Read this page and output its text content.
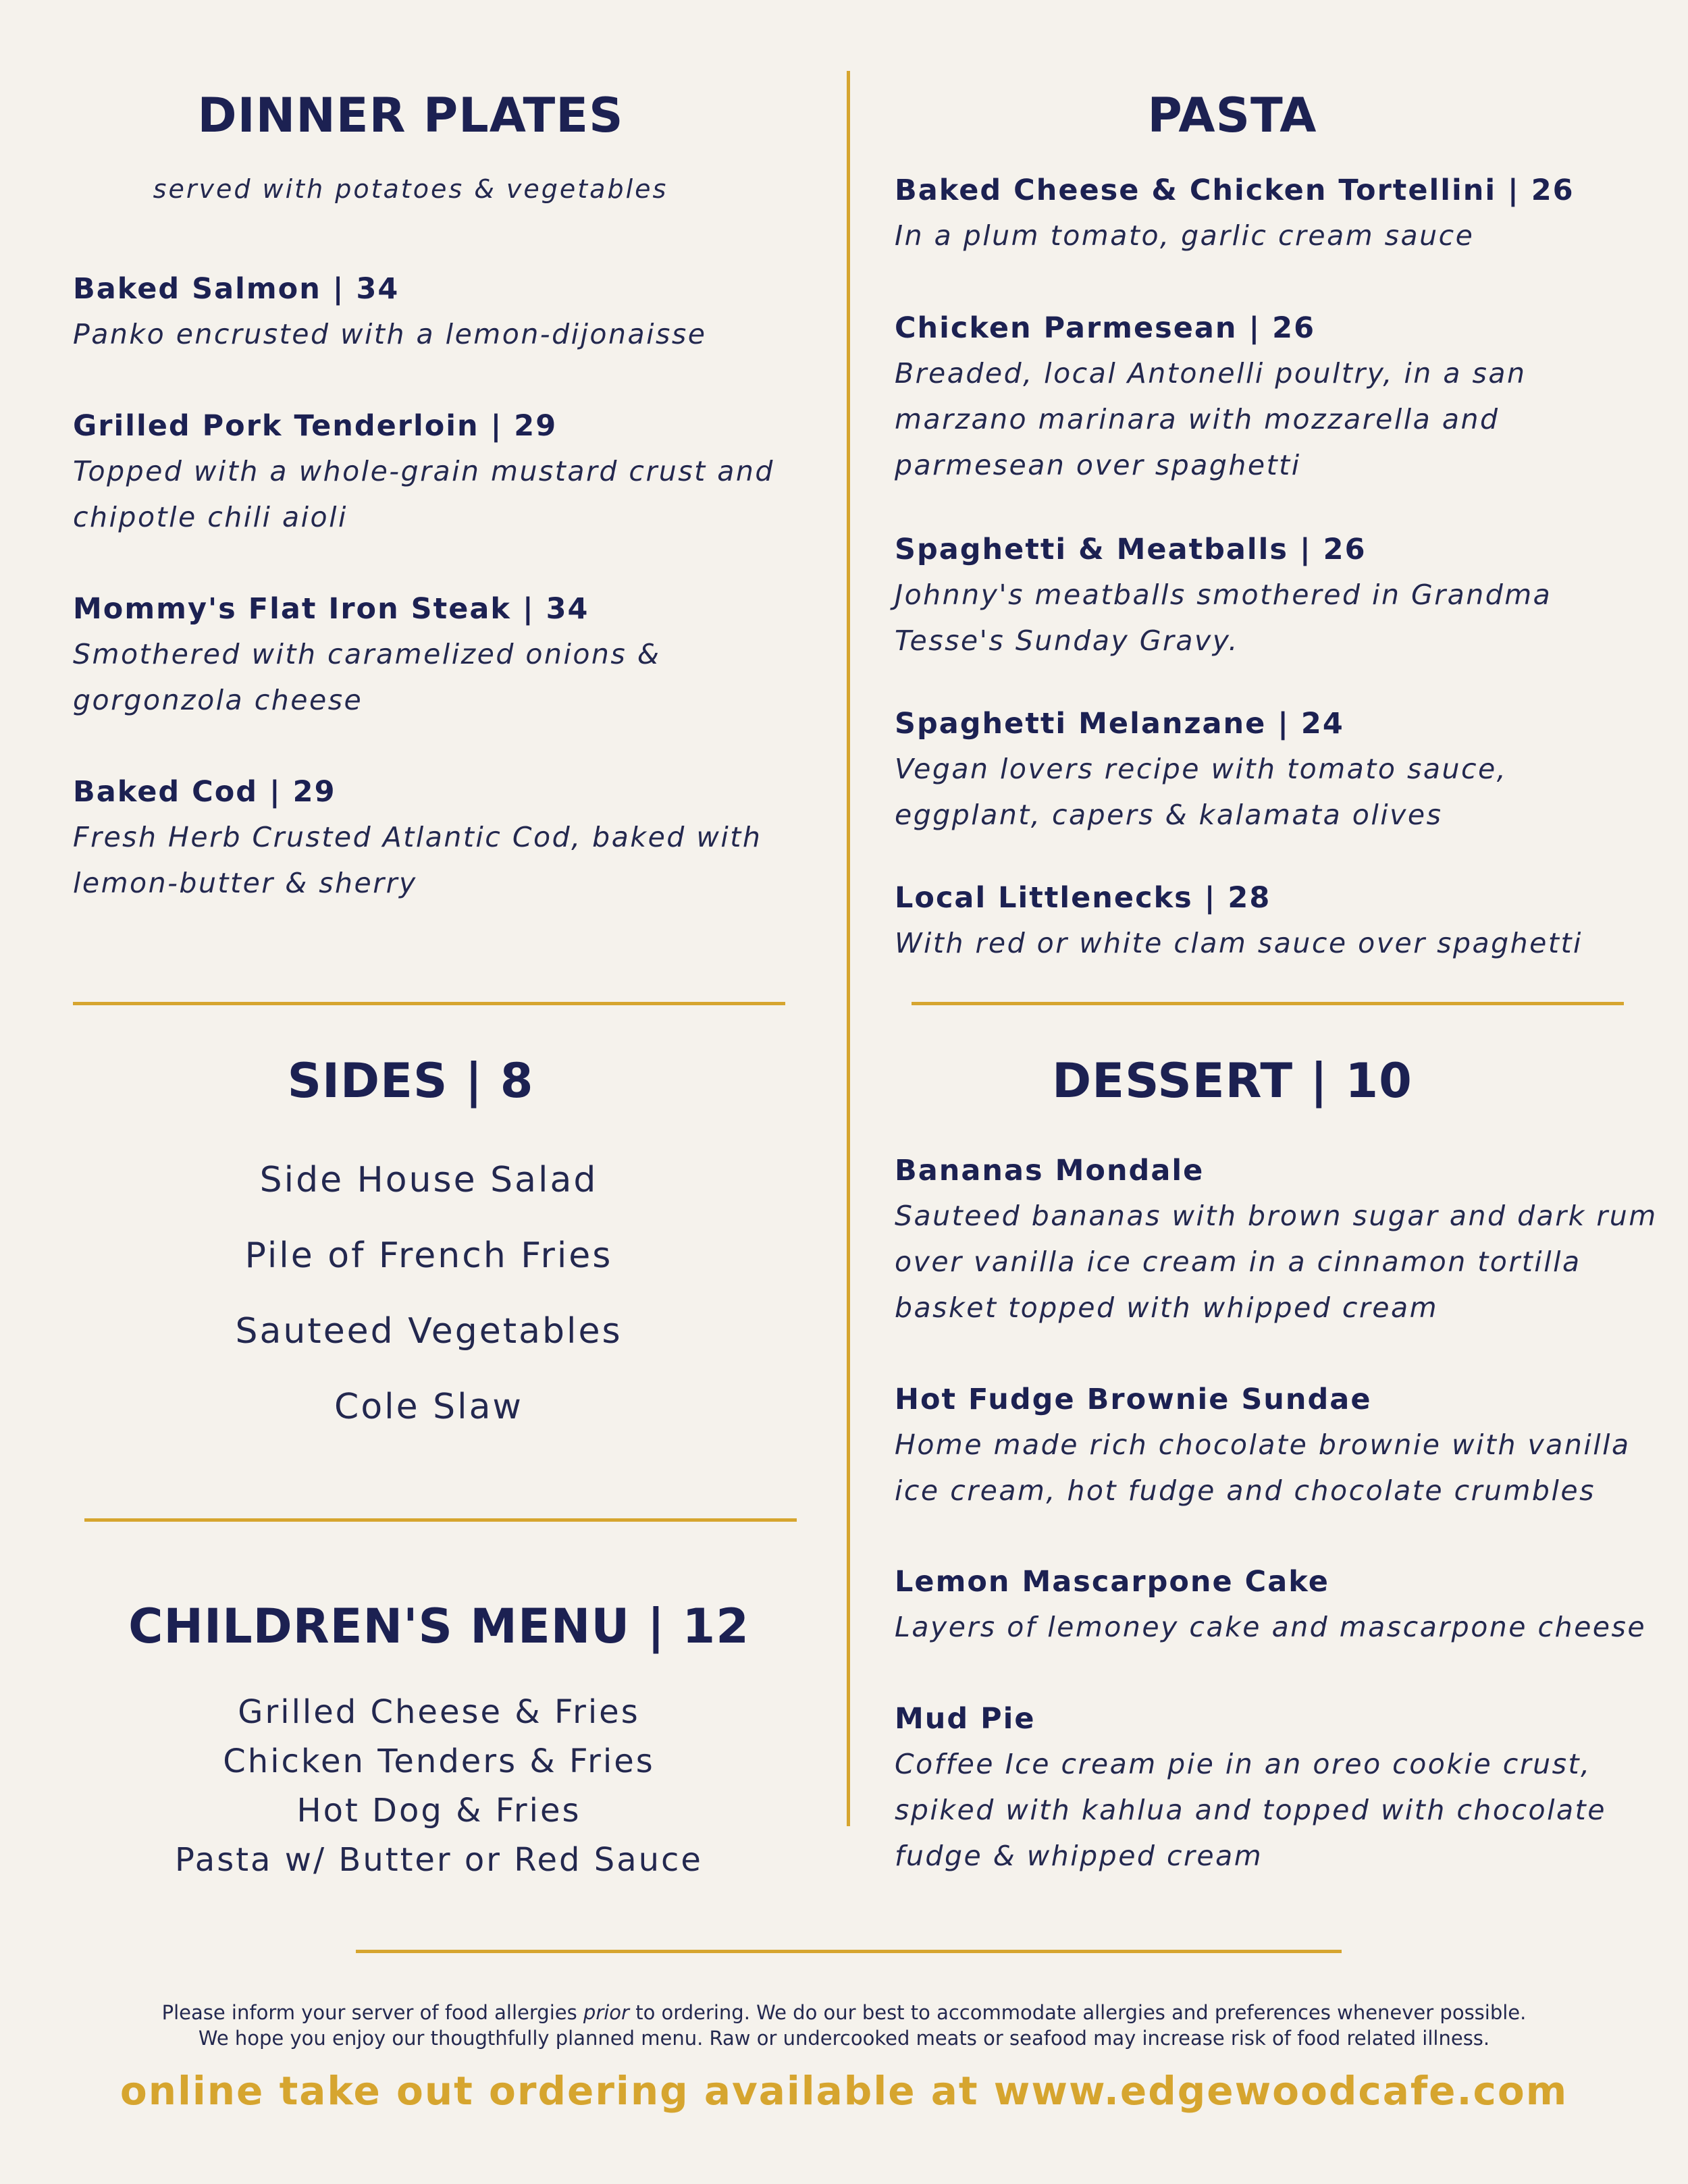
DINNER PLATES
served with potatoes & vegetables
Baked Salmon | 34
Panko encrusted with a lemon-dijonaisse
Grilled Pork Tenderloin | 29
Topped with a whole-grain mustard crust and chipotle chili aioli
Mommy's Flat Iron Steak | 34
Smothered with caramelized onions & gorgonzola cheese
Baked Cod | 29
Fresh Herb Crusted Atlantic Cod, baked with lemon-butter & sherry
SIDES | 8
Side House Salad
Pile of French Fries
Sauteed Vegetables
Cole Slaw
CHILDREN'S MENU | 12
Grilled Cheese & Fries
Chicken Tenders & Fries
Hot Dog & Fries
Pasta w/ Butter or Red Sauce
PASTA
Baked Cheese & Chicken Tortellini | 26
In a plum tomato, garlic cream sauce
Chicken Parmesean | 26
Breaded, local Antonelli poultry, in a san marzano marinara with mozzarella and parmesean over spaghetti
Spaghetti & Meatballs | 26
Johnny's meatballs smothered in Grandma Tesse's Sunday Gravy.
Spaghetti Melanzane | 24
Vegan lovers recipe with tomato sauce, eggplant, capers & kalamata olives
Local Littlenecks | 28
With red or white clam sauce over spaghetti
DESSERT | 10
Bananas Mondale
Sauteed bananas with brown sugar and dark rum over vanilla ice cream in a cinnamon tortilla basket topped with whipped cream
Hot Fudge Brownie Sundae
Home made rich chocolate brownie with vanilla ice cream, hot fudge and chocolate crumbles
Lemon Mascarpone Cake
Layers of lemoney cake and mascarpone cheese
Mud Pie
Coffee Ice cream pie in an oreo cookie crust, spiked with kahlua and topped with chocolate fudge & whipped cream
Please inform your server of food allergies prior to ordering. We do our best to accommodate allergies and preferences whenever possible.
We hope you enjoy our thougthfully planned menu. Raw or undercooked meats or seafood may increase risk of food related illness.
online take out ordering available at www.edgewoodcafe.com
